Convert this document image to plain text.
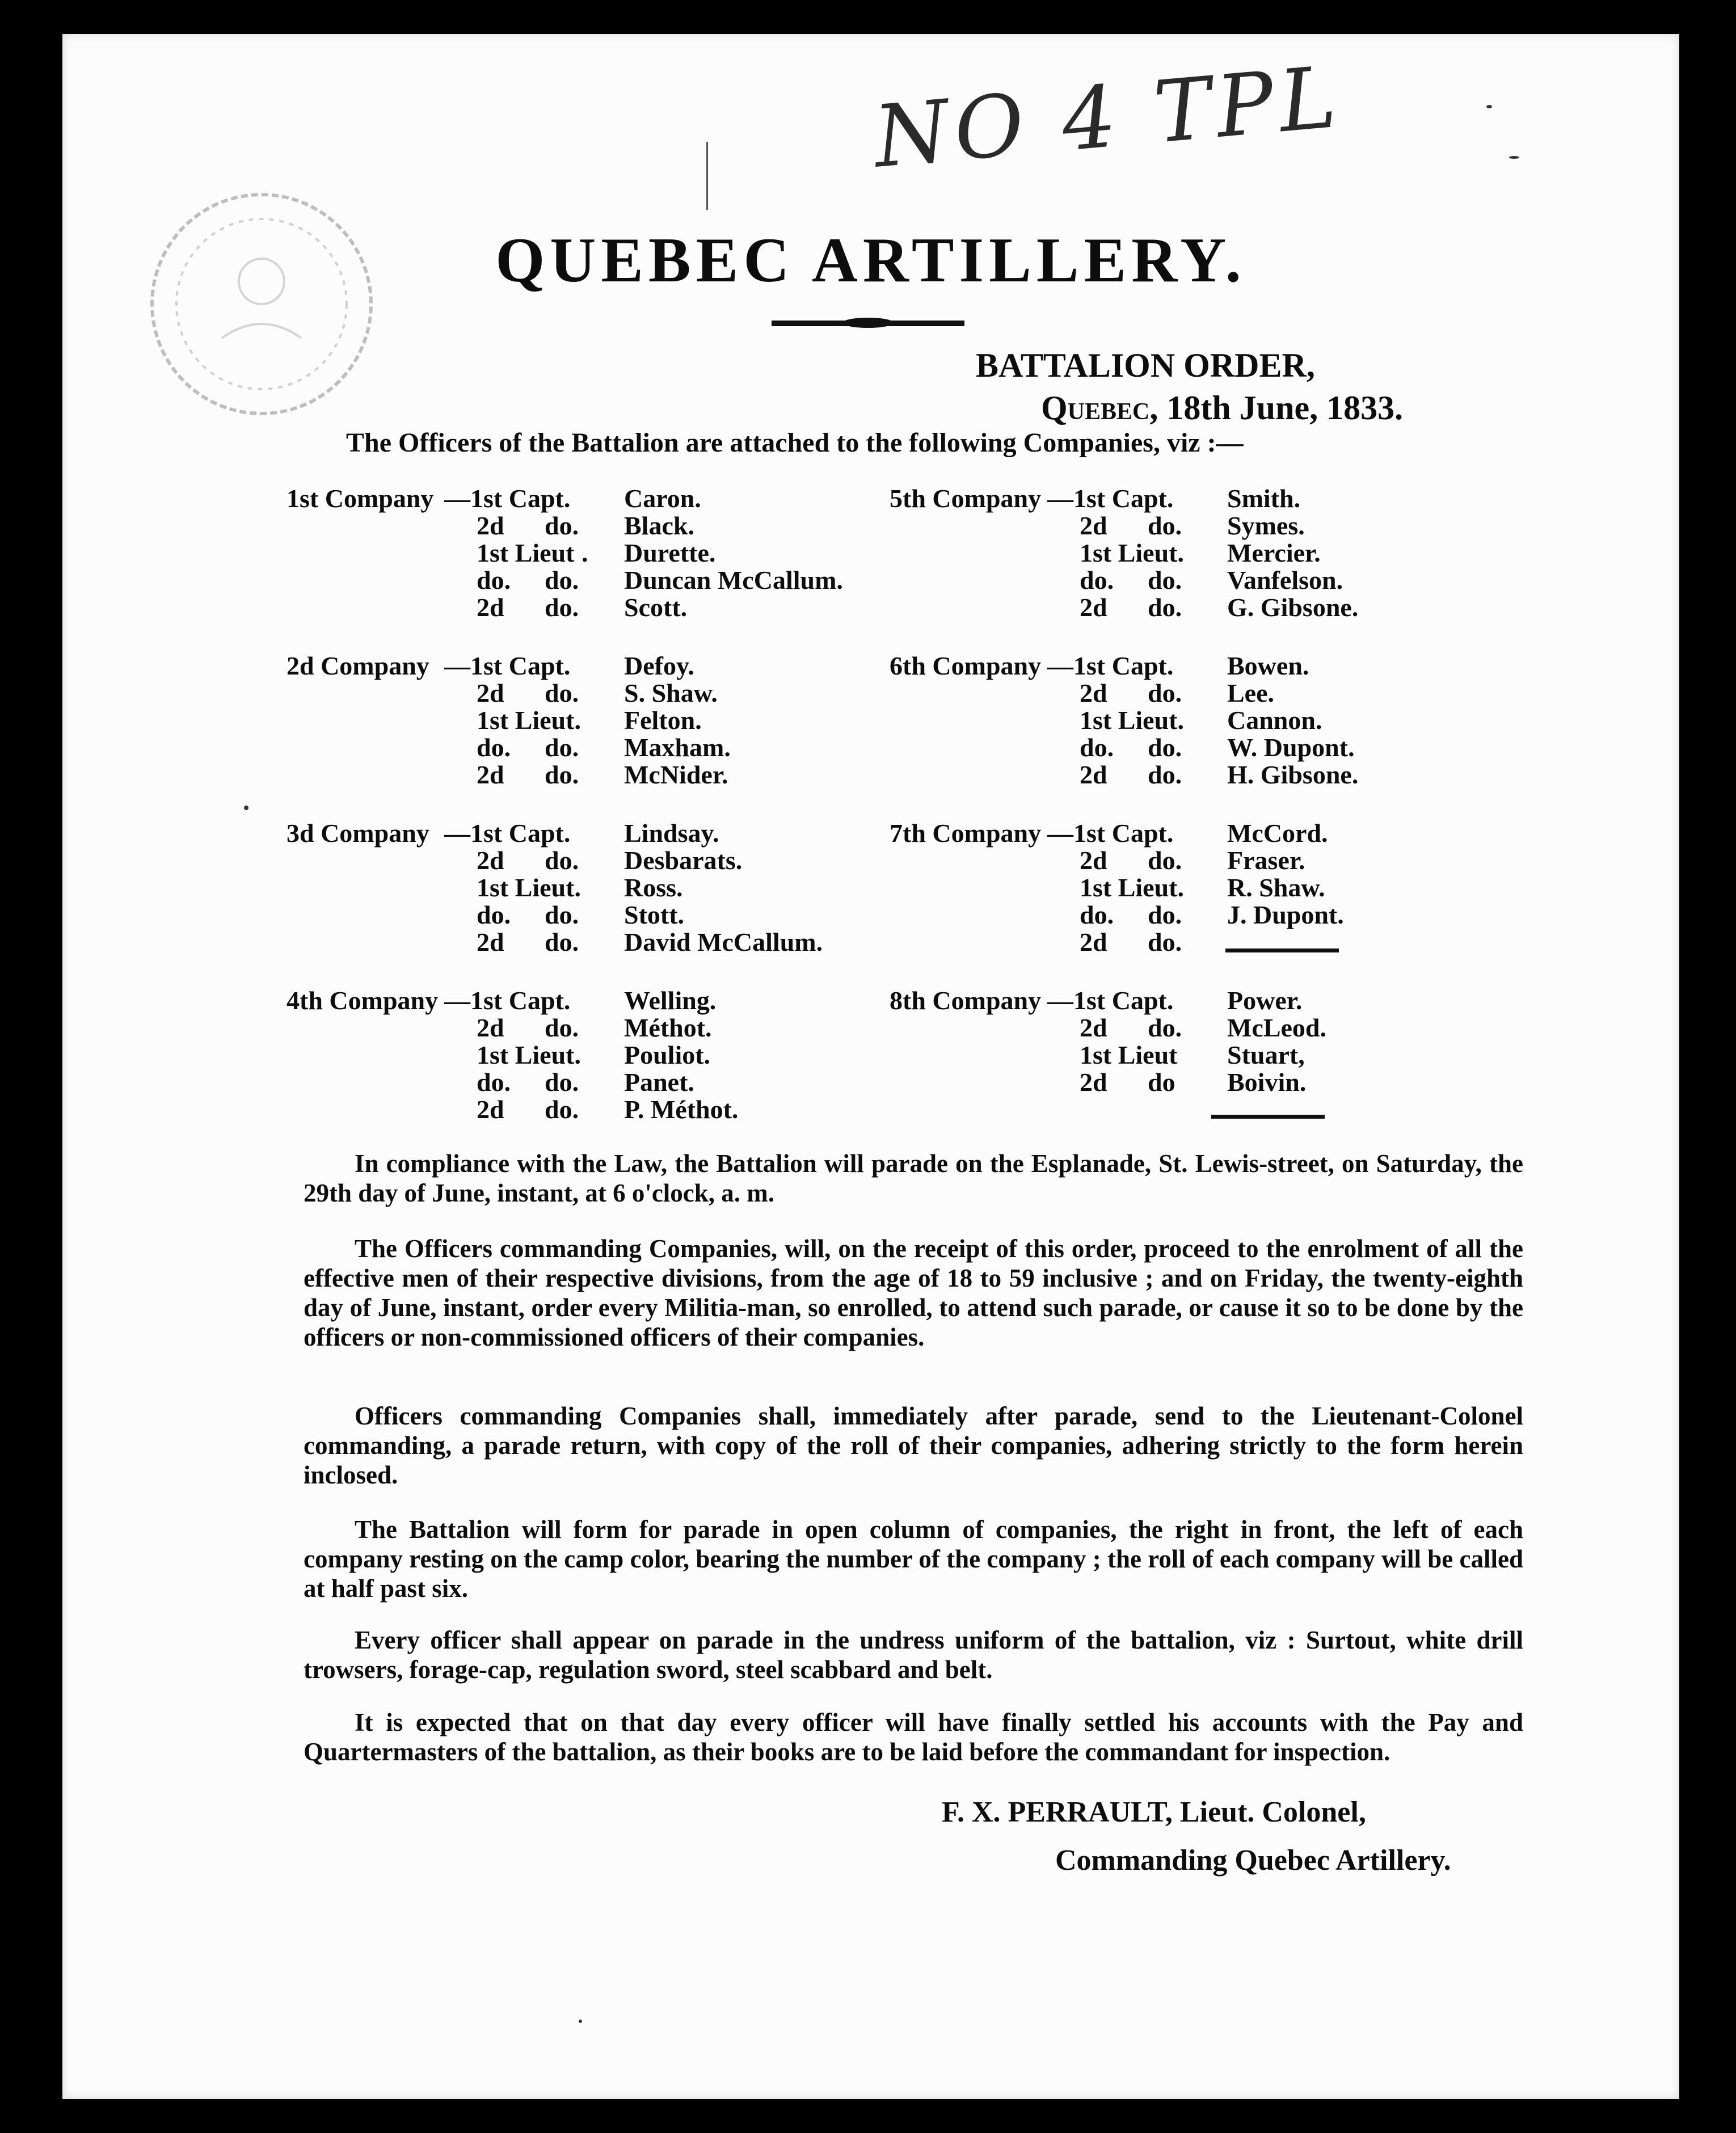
NO 4 TPL
QUEBEC ARTILLERY.
BATTALION ORDER,
Quebec, 18th June, 1833.
The Officers of the Battalion are attached to the following Companies, viz :—
1st Company —1st Capt. Caron.
2d do. Black.
1st Lieut . Durette.
do. do. Duncan McCallum.
2d do. Scott.
2d Company —1st Capt. Defoy.
2d do. S. Shaw.
1st Lieut. Felton.
do. do. Maxham.
2d do. McNider.
3d Company —1st Capt. Lindsay.
2d do. Desbarats.
1st Lieut. Ross.
do. do. Stott.
2d do. David McCallum.
4th Company —1st Capt. Welling.
2d do. Méthot.
1st Lieut. Pouliot.
do. do. Panet.
2d do. P. Méthot.
5th Company —1st Capt. Smith.
2d do. Symes.
1st Lieut. Mercier.
do. do. Vanfelson.
2d do. G. Gibsone.
6th Company —1st Capt. Bowen.
2d do. Lee.
1st Lieut. Cannon.
do. do. W. Dupont.
2d do. H. Gibsone.
7th Company —1st Capt. McCord.
2d do. Fraser.
1st Lieut. R. Shaw.
do. do. J. Dupont.
2d do.
8th Company —1st Capt. Power.
2d do. McLeod.
1st Lieut Stuart,
2d do Boivin.
In compliance with the Law, the Battalion will parade on the Esplanade, St. Lewis-street, on Saturday, the 29th day of June, instant, at 6 o'clock, a. m.
The Officers commanding Companies, will, on the receipt of this order, proceed to the enrolment of all the effective men of their respective divisions, from the age of 18 to 59 inclusive ; and on Friday, the twenty-eighth day of June, instant, order every Militia-man, so enrolled, to attend such parade, or cause it so to be done by the officers or non-commissioned officers of their companies.
Officers commanding Companies shall, immediately after parade, send to the Lieutenant-Colonel commanding, a parade return, with copy of the roll of their companies, adhering strictly to the form herein inclosed.
The Battalion will form for parade in open column of companies, the right in front, the left of each company resting on the camp color, bearing the number of the company ; the roll of each company will be called at half past six.
Every officer shall appear on parade in the undress uniform of the battalion, viz : Surtout, white drill trowsers, forage-cap, regulation sword, steel scabbard and belt.
It is expected that on that day every officer will have finally settled his accounts with the Pay and Quartermasters of the battalion, as their books are to be laid before the commandant for inspection.
F. X. PERRAULT, Lieut. Colonel,
Commanding Quebec Artillery.
